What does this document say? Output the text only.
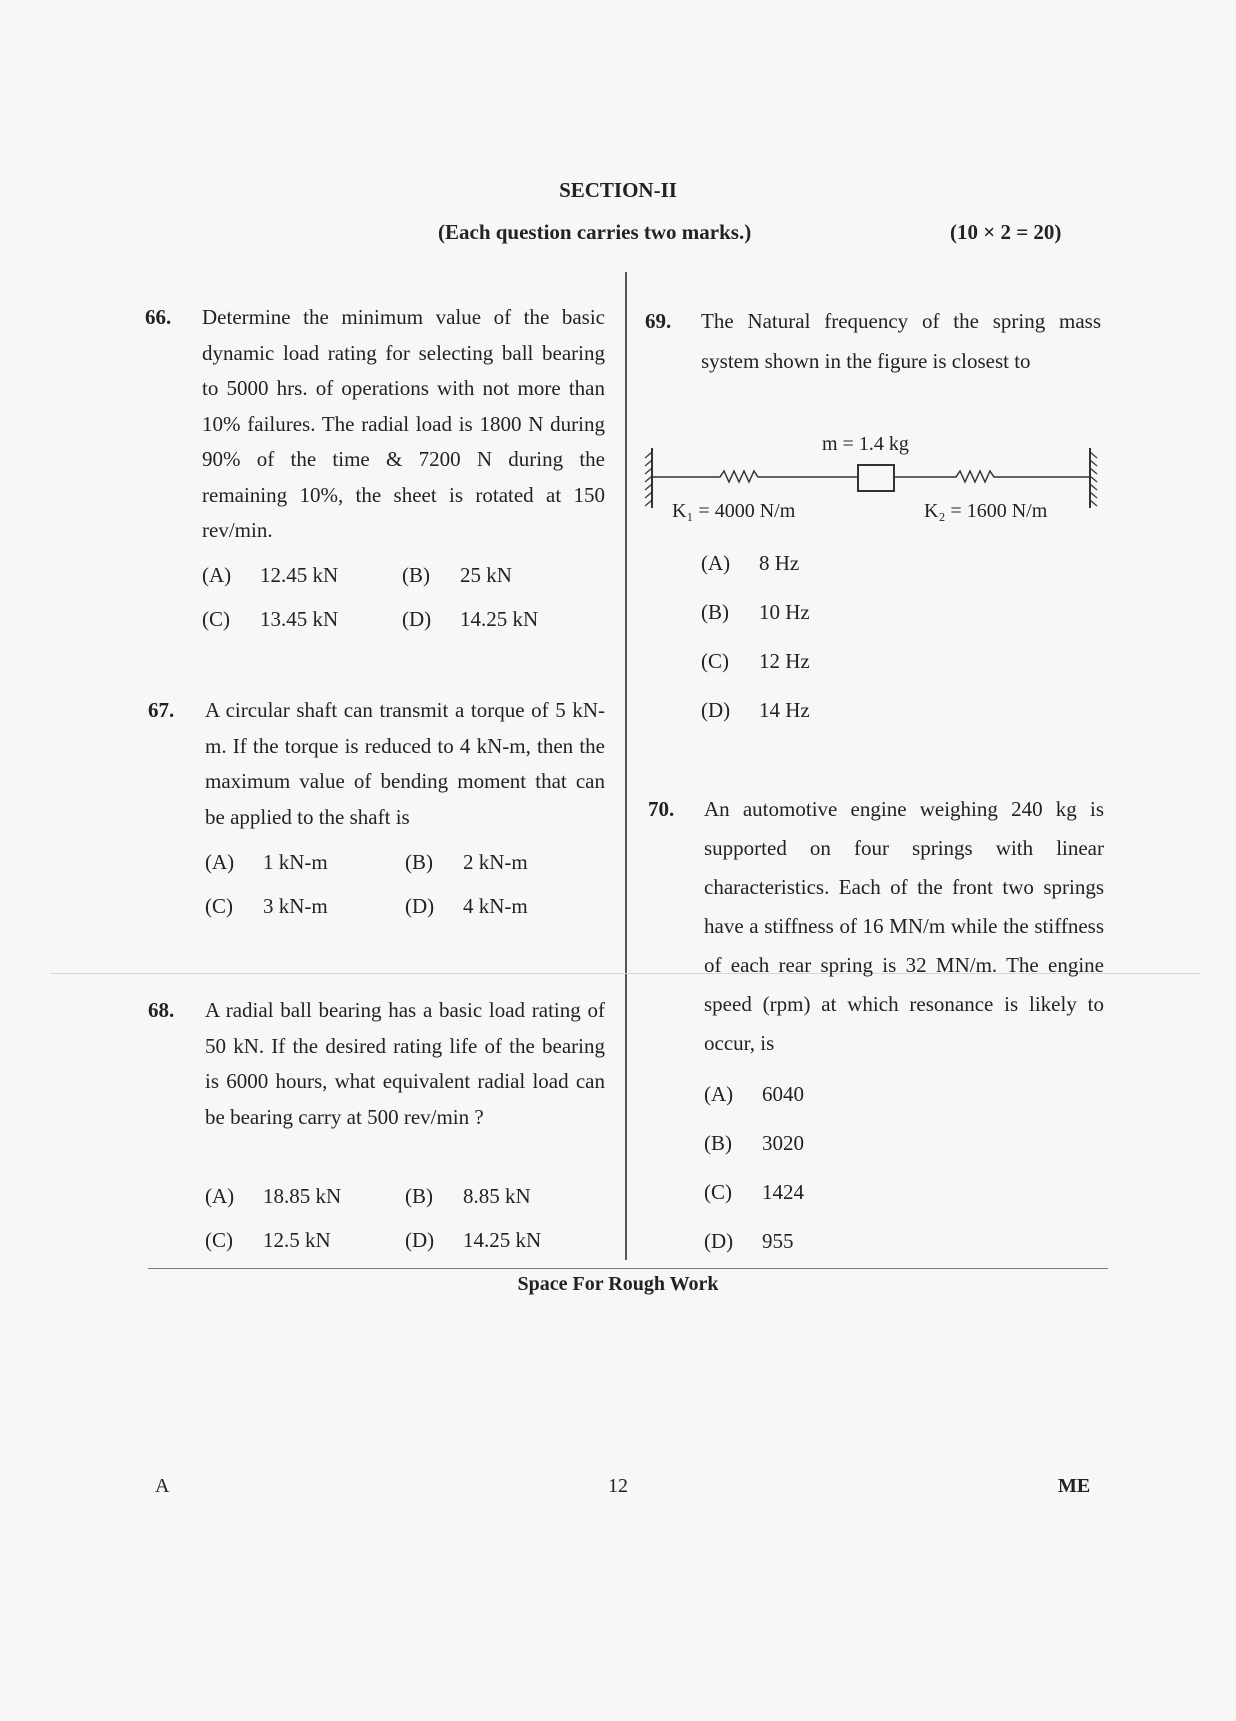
SECTION-II
(Each question carries two marks.)	(10 × 2 = 20)
66. Determine the minimum value of the basic dynamic load rating for selecting ball bearing to 5000 hrs. of operations with not more than 10% failures. The radial load is 1800 N during 90% of the time & 7200 N during the remaining 10%, the sheet is rotated at 150 rev/min.
(A) 12.45 kN	(B) 25 kN
(C) 13.45 kN	(D) 14.25 kN
67. A circular shaft can transmit a torque of 5 kN-m. If the torque is reduced to 4 kN-m, then the maximum value of bending moment that can be applied to the shaft is
(A) 1 kN-m	(B) 2 kN-m
(C) 3 kN-m	(D) 4 kN-m
68. A radial ball bearing has a basic load rating of 50 kN. If the desired rating life of the bearing is 6000 hours, what equivalent radial load can be bearing carry at 500 rev/min ?
(A) 18.85 kN	(B) 8.85 kN
(C) 12.5 kN	(D) 14.25 kN
69. The Natural frequency of the spring mass system shown in the figure is closest to
(A) 8 Hz
(B) 10 Hz
(C) 12 Hz
(D) 14 Hz
m = 1.4 kg
K₁ = 4000 N/m	K₂ = 1600 N/m
70. An automotive engine weighing 240 kg is supported on four springs with linear characteristics. Each of the front two springs have a stiffness of 16 MN/m while the stiffness of each rear spring is 32 MN/m. The engine speed (rpm) at which resonance is likely to occur, is
(A) 6040
(B) 3020
(C) 1424
(D) 955
Space For Rough Work
A	12	ME
